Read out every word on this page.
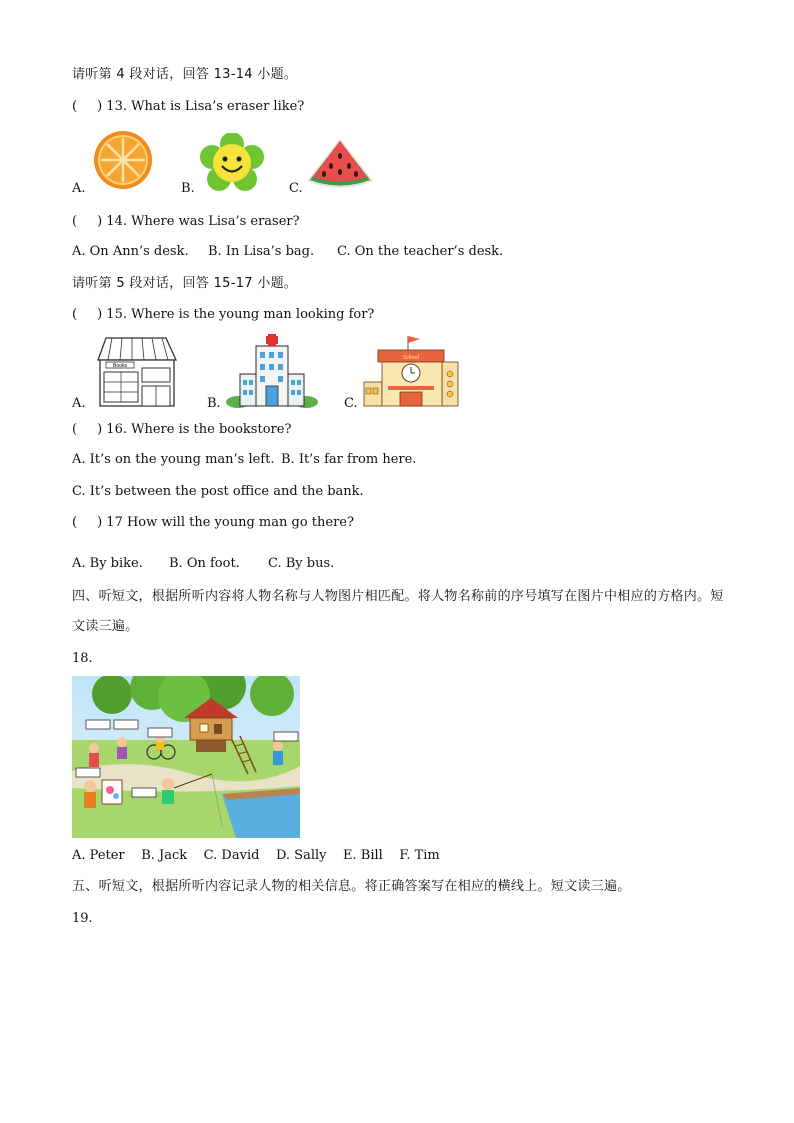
请听第 4 段对话，回答 13-14 小题。
( ) 13. What is Lisa’s eraser like?
A.	B.	C.
( ) 14. Where was Lisa’s eraser?
A. On Ann’s desk. B. In Lisa’s bag. C. On the teacher’s desk.
请听第 5 段对话，回答 15-17 小题。
( ) 15. Where is the young man looking for?
A.
Books
B.	C.
School
( ) 16. Where is the bookstore?
A. It’s on the young man’s left. B. It’s far from here.
C. It’s between the post office and the bank.
( ) 17 How will the young man go there?
A. By bike. B. On foot. C. By bus.
四、听短文，根据所听内容将人物名称与人物图片相匹配。将人物名称前的序号填写在图片中相应的方格内。短文读三遍。
18.
A. Peter B. Jack C. David D. Sally E. Bill F. Tim
五、听短文，根据所听内容记录人物的相关信息。将正确答案写在相应的横线上。短文读三遍。
19.
